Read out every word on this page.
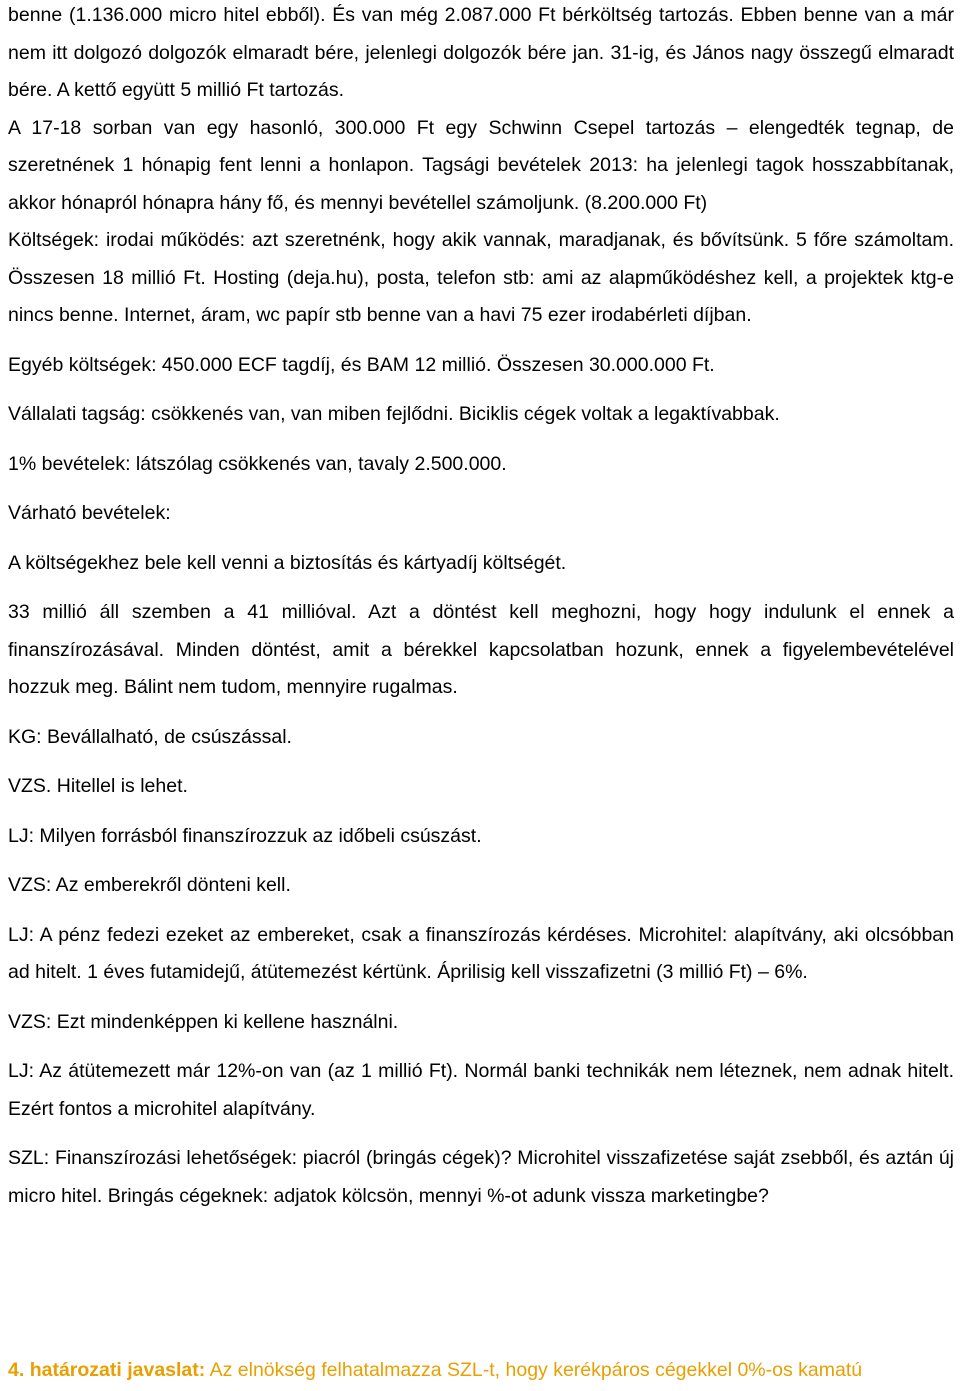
benne (1.136.000 micro hitel ebből). És van még 2.087.000 Ft bérköltség tartozás. Ebben benne van a már nem itt dolgozó dolgozók elmaradt bére, jelenlegi dolgozók bére jan. 31-ig, és János nagy összegű elmaradt bére. A kettő együtt 5 millió Ft tartozás.

A 17-18 sorban van egy hasonló, 300.000 Ft egy Schwinn Csepel tartozás – elengedték tegnap, de szeretnének 1 hónapig fent lenni a honlapon. Tagsági bevételek 2013: ha jelenlegi tagok hosszabbítanak, akkor hónapról hónapra hány fő, és mennyi bevétellel számoljunk. (8.200.000 Ft)

Költségek: irodai működés: azt szeretnénk, hogy akik vannak, maradjanak, és bővítsünk. 5 főre számoltam. Összesen 18 millió Ft. Hosting (deja.hu), posta, telefon stb: ami az alapműködéshez kell, a projektek ktg-e nincs benne. Internet, áram, wc papír stb benne van a havi 75 ezer irodabérleti díjban.

Egyéb költségek: 450.000 ECF tagdíj, és BAM 12 millió. Összesen 30.000.000 Ft.

Vállalati tagság: csökkenés van, van miben fejlődni. Biciklis cégek voltak a legaktívabbak.

1% bevételek: látszólag csökkenés van, tavaly 2.500.000.

Várható bevételek:

A költségekhez bele kell venni a biztosítás és kártyadíj költségét.

33 millió áll szemben a 41 millióval. Azt a döntést kell meghozni, hogy hogy indulunk el ennek a finanszírozásával. Minden döntést, amit a bérekkel kapcsolatban hozunk, ennek a figyelembevételével hozzuk meg. Bálint nem tudom, mennyire rugalmas.

KG: Bevállalható, de csúszással.

VZS. Hitellel is lehet.

LJ: Milyen forrásból finanszírozzuk az időbeli csúszást.

VZS: Az emberekről dönteni kell.

LJ: A pénz fedezi ezeket az embereket, csak a finanszírozás kérdéses. Microhitel: alapítvány, aki olcsóbban ad hitelt. 1 éves futamidejű, átütemezést kértünk. Áprilisig kell visszafizetni (3 millió Ft) – 6%.

VZS: Ezt mindenképpen ki kellene használni.

LJ: Az átütemezett már 12%-on van (az 1 millió Ft). Normál banki technikák nem léteznek, nem adnak hitelt. Ezért fontos a microhitel alapítvány.

SZL: Finanszírozási lehetőségek: piacról (bringás cégek)? Microhitel visszafizetése saját zsebből, és aztán új micro hitel. Bringás cégeknek: adjatok kölcsön, mennyi %-ot adunk vissza marketingbe?

4. határozati javaslat: Az elnökség felhatalmazza SZL-t, hogy kerékpáros cégekkel 0%-os kamatú
